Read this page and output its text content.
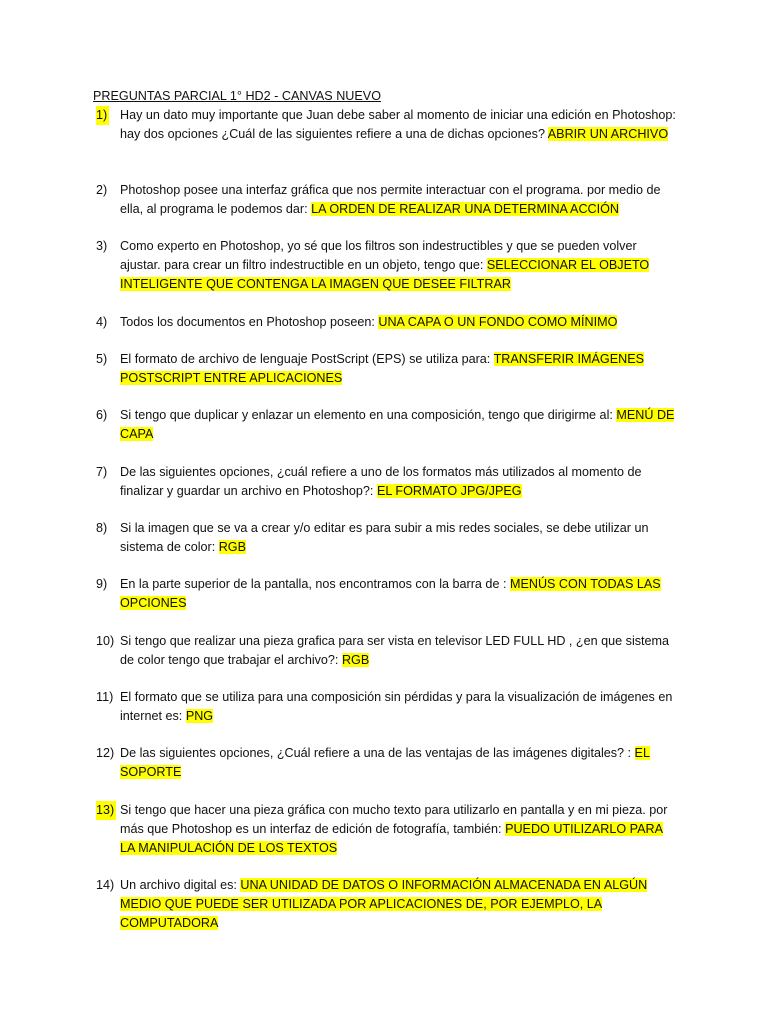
PREGUNTAS PARCIAL 1° HD2 - CANVAS NUEVO
1) Hay un dato muy importante que Juan debe saber al momento de iniciar una edición en Photoshop: hay dos opciones ¿Cuál de las siguientes refiere a una de dichas opciones? ABRIR UN ARCHIVO
2) Photoshop posee una interfaz gráfica que nos permite interactuar con el programa. por medio de ella, al programa le podemos dar: LA ORDEN DE REALIZAR UNA DETERMINA ACCIÓN
3) Como experto en Photoshop, yo sé que los filtros son indestructibles y que se pueden volver ajustar. para crear un filtro indestructible en un objeto, tengo que: SELECCIONAR EL OBJETO INTELIGENTE QUE CONTENGA LA IMAGEN QUE DESEE FILTRAR
4) Todos los documentos en Photoshop poseen: UNA CAPA O UN FONDO COMO MÍNIMO
5) El formato de archivo de lenguaje PostScript (EPS) se utiliza para: TRANSFERIR IMÁGENES POSTSCRIPT ENTRE APLICACIONES
6) Si tengo que duplicar y enlazar un elemento en una composición, tengo que dirigirme al: MENÚ DE CAPA
7) De las siguientes opciones, ¿cuál refiere a uno de los formatos más utilizados al momento de finalizar y guardar un archivo en Photoshop?: EL FORMATO JPG/JPEG
8) Si la imagen que se va a crear y/o editar es para subir a mis redes sociales, se debe utilizar un sistema de color: RGB
9) En la parte superior de la pantalla, nos encontramos con la barra de : MENÚS CON TODAS LAS OPCIONES
10) Si tengo que realizar una pieza grafica para ser vista en televisor LED FULL HD , ¿en que sistema de color tengo que trabajar el archivo?: RGB
11) El formato que se utiliza para una composición sin pérdidas y para la visualización de imágenes en internet es: PNG
12) De las siguientes opciones, ¿Cuál refiere a una de las ventajas de las imágenes digitales? : EL SOPORTE
13) Si tengo que hacer una pieza gráfica con mucho texto para utilizarlo en pantalla y en mi pieza. por más que Photoshop es un interfaz de edición de fotografía, también: PUEDO UTILIZARLO PARA LA MANIPULACIÓN DE LOS TEXTOS
14) Un archivo digital es: UNA UNIDAD DE DATOS O INFORMACIÓN ALMACENADA EN ALGÚN MEDIO QUE PUEDE SER UTILIZADA POR APLICACIONES DE, POR EJEMPLO, LA COMPUTADORA
